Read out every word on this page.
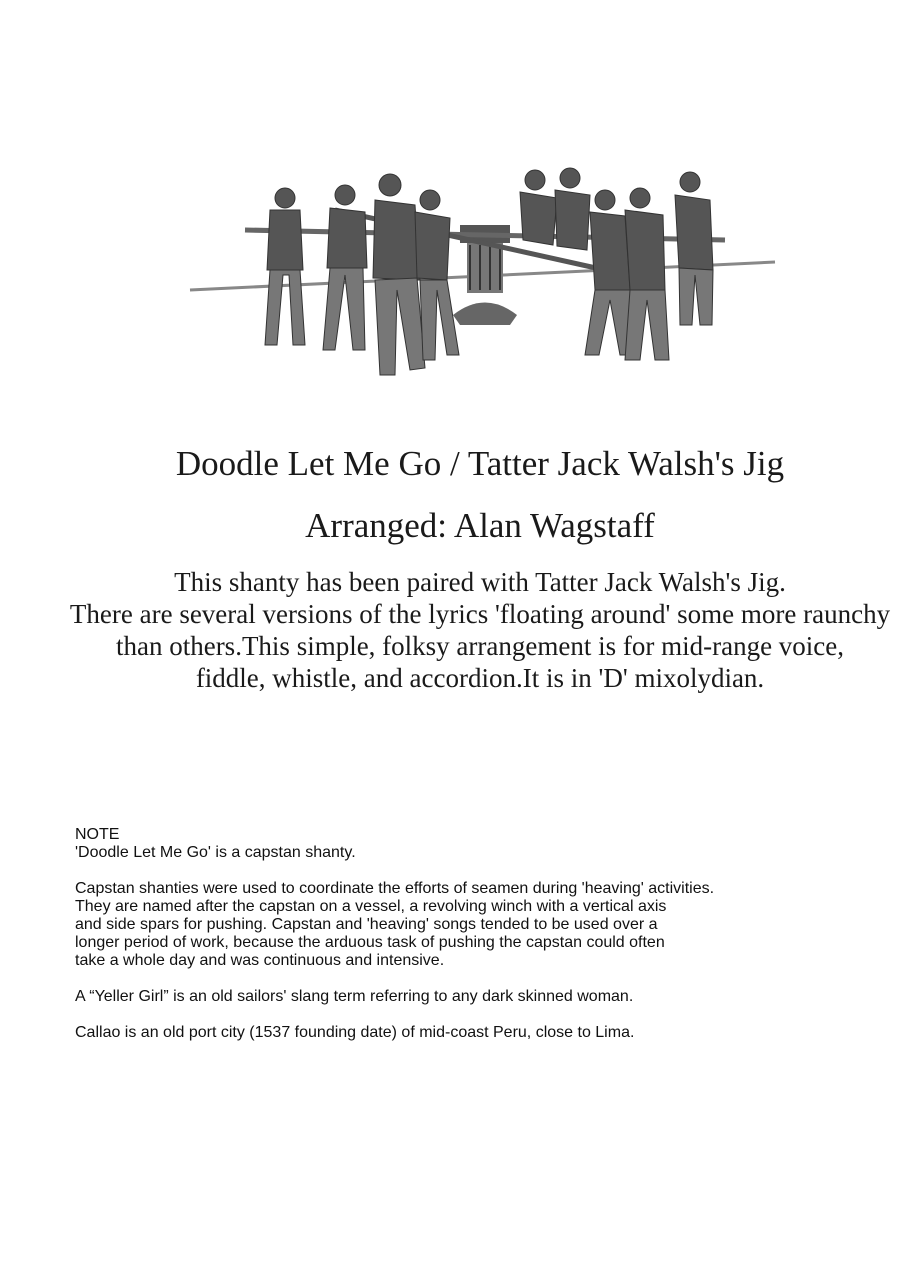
Doodle Let Me Go / Tatter Jack Walsh's Jig
Arranged: Alan Wagstaff
This shanty has been paired with Tatter Jack Walsh's Jig.
There are several versions of the lyrics 'floating around' some more raunchy
than others.This simple, folksy arrangement is for mid-range voice,
fiddle, whistle, and accordion.It is in 'D' mixolydian.

NOTE

'Doodle Let Me Go' is a capstan shanty.

Capstan shanties were used to coordinate the efforts of seamen during 'heaving' activities.

They are named after the capstan on a vessel, a revolving winch with a vertical axis

and side spars for pushing. Capstan and 'heaving' songs tended to be used over a

longer period of work, because the arduous task of pushing the capstan could often

take a whole day and was continuous and intensive.

A “Yeller Girl” is an old sailors' slang term referring to any dark skinned woman.

Callao is an old port city (1537 founding date) of mid-coast Peru, close to Lima.
